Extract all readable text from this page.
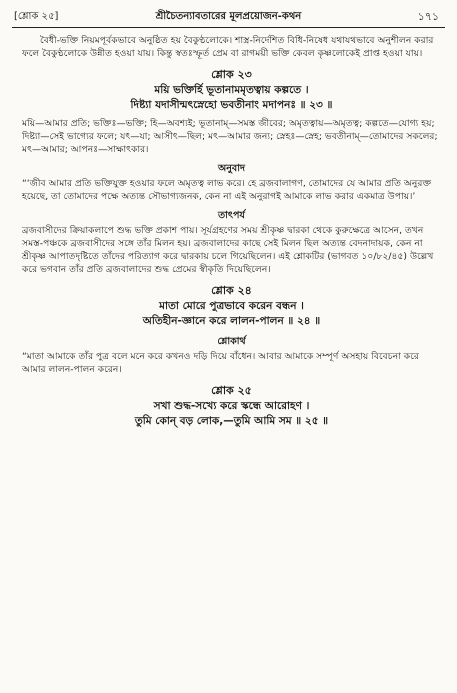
[শ্লোক ২৫]	শ্রীচৈতন্যাবতারের মূলপ্রয়োজন-কথন	১৭১

বৈধী-ভক্তি নিয়মপূর্বকভাবে অনুষ্ঠিত হয় বৈকুণ্ঠলোকে। শাস্ত্র-নির্দেশিত বিধি-নিষেধ যথাযথভাবে অনুশীলন করার ফলে বৈকুণ্ঠলোকে উন্নীত হওয়া যায়। কিন্তু স্বতঃস্ফূর্ত প্রেম বা রাগময়ী ভক্তি কেবল কৃষ্ণলোকেই প্রাপ্ত হওয়া যায়।

শ্লোক ২৩

ময়ি ভক্তির্হি ভূতানামমৃতত্বায় কল্পতে ।

দিষ্ট্যা যদাসীন্মৎস্নেহো ভবতীনাং মদাপনঃ ॥ ২৩ ॥

ময়ি—আমার প্রতি; ভক্তিঃ—ভক্তি; হি—অবশ্যই; ভূতানাম্—সমস্ত জীবের; অমৃতত্বায়—অমৃতত্ব; কল্পতে—যোগ্য হয়; দিষ্ট্যা—সেই ভাগ্যের ফলে; যৎ—যা; আসীৎ—ছিল; মৎ—আমার জন্য; স্নেহঃ—স্নেহ; ভবতীনাম্—তোমাদের সকলের; মৎ—আমার; আপনঃ—সাক্ষাৎকার।

অনুবাদ

“‘জীব আমার প্রতি ভক্তিযুক্ত হওয়ার ফলে অমৃতত্ব লাভ করে। হে ব্রজবালাগণ, তোমাদের যে আমার প্রতি অনুরক্ত হয়েছে, তা তোমাদের পক্ষে অত্যন্ত সৌভাগ্যজনক, কেন না এই অনুরাগই আমাকে লাভ করার একমাত্র উপায়।’

তাৎপর্য

ব্রজবাসীদের ক্রিয়াকলাপে শুদ্ধ ভক্তি প্রকাশ পায়। সূর্যগ্রহণের সময় শ্রীকৃষ্ণ দ্বারকা থেকে কুরুক্ষেত্রে আসেন, তখন সমস্ত-পঞ্চকে ব্রজবাসীদের সঙ্গে তাঁর মিলন হয়। ব্রজবালাদের কাছে সেই মিলন ছিল অত্যন্ত বেদনাদায়ক, কেন না শ্রীকৃষ্ণ আপাতদৃষ্টিতে তাঁদের পরিত্যাগ করে দ্বারকায় চলে গিয়েছিলেন। এই শ্লোকটির (ভাগবত ১০/৮২/৪৫) উল্লেখ করে ভগবান তাঁর প্রতি ব্রজবালাদের শুদ্ধ প্রেমের স্বীকৃতি দিয়েছিলেন।

শ্লোক ২৪

মাতা মোরে পুত্রভাবে করেন বন্ধন ।

অতিহীন-জ্ঞানে করে লালন-পালন ॥ ২৪ ॥

শ্লোকার্থ

“মাতা আমাকে তাঁর পুত্র বলে মনে করে কখনও দড়ি দিয়ে বাঁধেন। আবার আমাকে সম্পূর্ণ অসহায় বিবেচনা করে আমার লালন-পালন করেন।

শ্লোক ২৫

সখা শুদ্ধ-সখ্যে করে স্কন্ধে আরোহণ ।

তুমি কোন্ বড় লোক,—তুমি আমি সম ॥ ২৫ ॥
